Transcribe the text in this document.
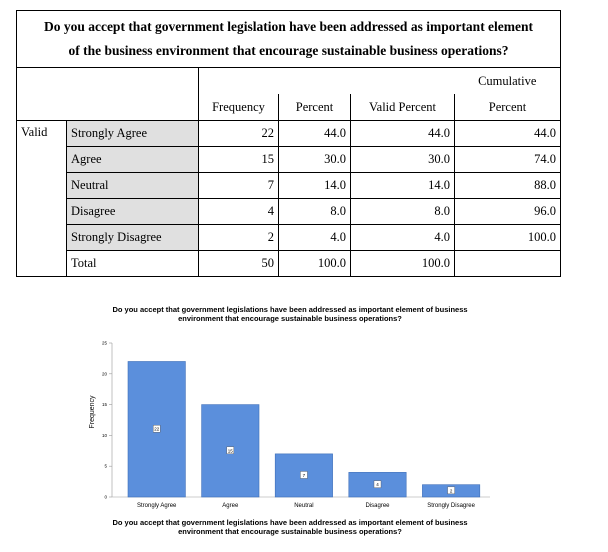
Do you accept that government legislation have been addressed as important element
of the business environment that encourage sustainable business operations?					

					Cumulative
		Frequency	Percent	Valid Percent	Percent
Valid	Strongly Agree	22	44.0	44.0	44.0
	Agree	15	30.0	30.0	74.0
	Neutral	7	14.0	14.0	88.0
	Disagree	4	8.0	8.0	96.0
	Strongly Disagree	2	4.0	4.0	100.0
	Total	50	100.0	100.0	
Do you accept that government legislations have been addressed as important element of business
environment that encourage sustainable business operations?
Frequency
Do you accept that government legislations have been addressed as important element of business
environment that encourage sustainable business operations?
0
5
10
15
20
25
22
Strongly Agree
15
Agree
7
Neutral
4
Disagree
2
Strongly Disagree
